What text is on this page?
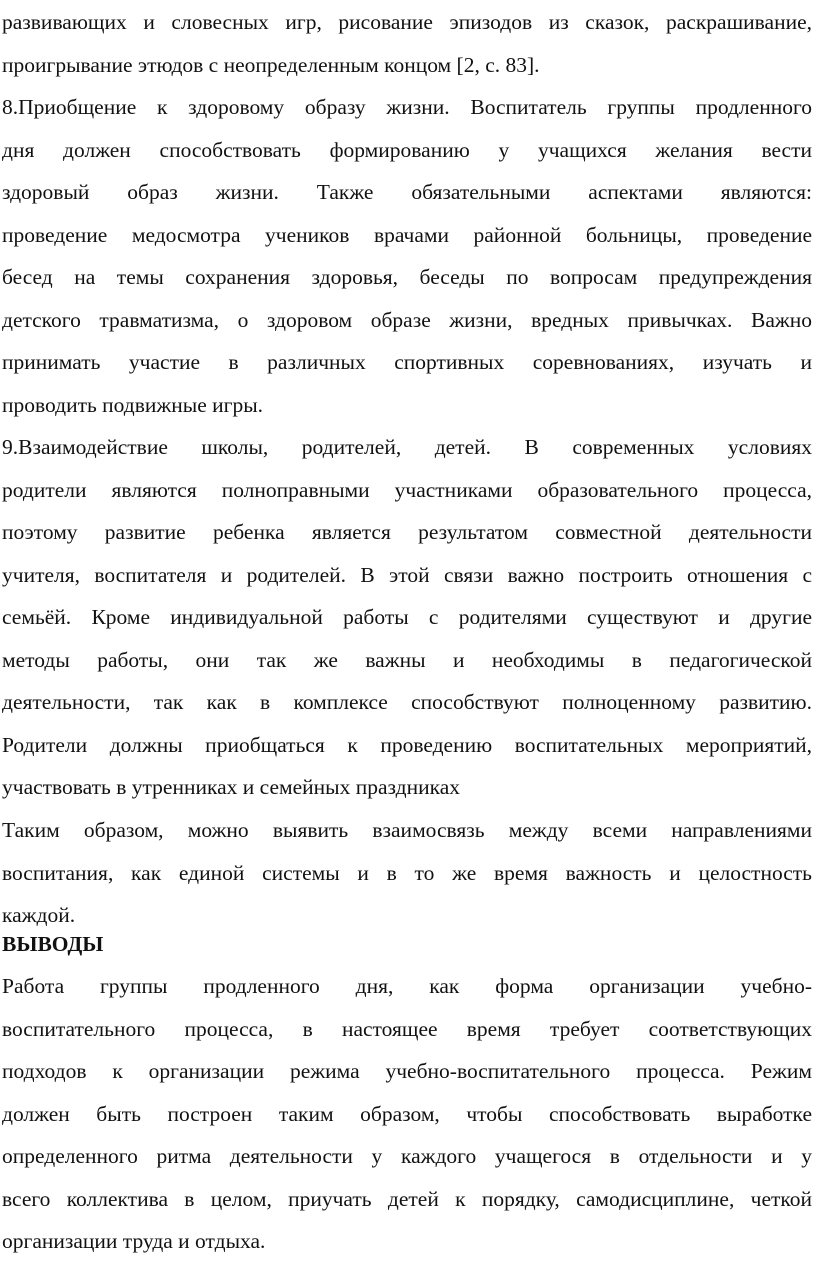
развивающих и словесных игр, рисование эпизодов из сказок, раскрашивание,
проигрывание этюдов с неопределенным концом [2, с. 83].
8.Приобщение к здоровому образу жизни. Воспитатель группы продленного
дня должен способствовать формированию у учащихся желания вести
здоровый образ жизни. Также обязательными аспектами являются:
проведение медосмотра учеников врачами районной больницы, проведение
бесед на темы сохранения здоровья, беседы по вопросам предупреждения
детского травматизма, о здоровом образе жизни, вредных привычках. Важно
принимать участие в различных спортивных соревнованиях, изучать и
проводить подвижные игры.
9.Взаимодействие школы, родителей, детей. В современных условиях
родители являются полноправными участниками образовательного процесса,
поэтому развитие ребенка является результатом совместной деятельности
учителя, воспитателя и родителей. В этой связи важно построить отношения с
семьёй. Кроме индивидуальной работы с родителями существуют и другие
методы работы, они так же важны и необходимы в педагогической
деятельности, так как в комплексе способствуют полноценному развитию.
Родители должны приобщаться к проведению воспитательных мероприятий,
участвовать в утренниках и семейных праздниках
Таким образом, можно выявить взаимосвязь между всеми направлениями
воспитания, как единой системы и в то же время важность и целостность
каждой.
ВЫВОДЫ
Работа группы продленного дня, как форма организации учебно-
воспитательного процесса, в настоящее время требует соответствующих
подходов к организации режима учебно-воспитательного процесса. Режим
должен быть построен таким образом, чтобы способствовать выработке
определенного ритма деятельности у каждого учащегося в отдельности и у
всего коллектива в целом, приучать детей к порядку, самодисциплине, четкой
организации труда и отдыха.
